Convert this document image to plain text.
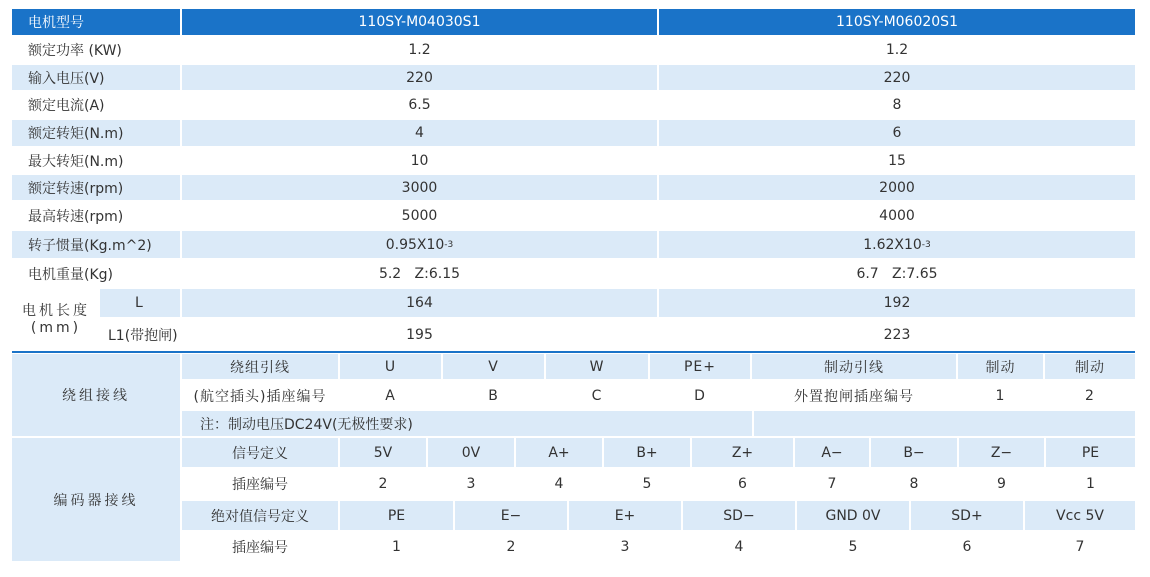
电机型号	110SY-M04030S1	110SY-M06020S1
额定功率 (KW)	1.2	1.2
输入电压(V)	220	220
额定电流(A)	6.5	8
额定转矩(N.m)	4	6
最大转矩(N.m)	10	15
额定转速(rpm)	3000	2000
最高转速(rpm)	5000	4000
转子惯量(Kg.m^2)	0.95X10 -3	1.62X10 -3
电机重量(Kg)	5.2   Z:6.15	6.7   Z:7.65
电机长度
(mm)
L	164	192
L1(带抱闸)	195	223
绕组接线
绕组引线	U	V	W	PE+	制动引线	制动	制动
(航空插头)插座编号	A	B	C	D	外置抱闸插座编号	1	2
注：制动电压DC24V(无极性要求)
编码器接线
信号定义	5V	0V	A+	B+	Z+	A−	B−	Z−	PE
插座编号	2	3	4	5	6	7	8	9	1
绝对值信号定义	PE	E−	E+	SD−	GND 0V	SD+	Vcc 5V
插座编号	1	2	3	4	5	6	7
